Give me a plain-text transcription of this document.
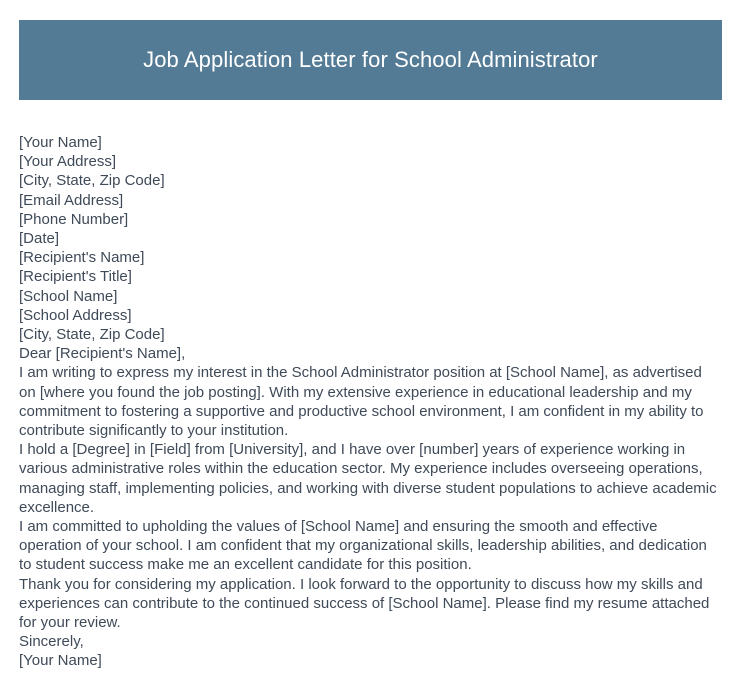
Job Application Letter for School Administrator

[Your Name]

[Your Address]

[City, State, Zip Code]

[Email Address]

[Phone Number]

[Date]

[Recipient's Name]

[Recipient's Title]

[School Name]

[School Address]

[City, State, Zip Code]

Dear [Recipient's Name],

I am writing to express my interest in the School Administrator position at [School Name], as advertised on [where you found the job posting]. With my extensive experience in educational leadership and my commitment to fostering a supportive and productive school environment, I am confident in my ability to contribute significantly to your institution.

I hold a [Degree] in [Field] from [University], and I have over [number] years of experience working in various administrative roles within the education sector. My experience includes overseeing operations, managing staff, implementing policies, and working with diverse student populations to achieve academic excellence.

I am committed to upholding the values of [School Name] and ensuring the smooth and effective operation of your school. I am confident that my organizational skills, leadership abilities, and dedication to student success make me an excellent candidate for this position.

Thank you for considering my application. I look forward to the opportunity to discuss how my skills and experiences can contribute to the continued success of [School Name]. Please find my resume attached for your review.

Sincerely,

[Your Name]
